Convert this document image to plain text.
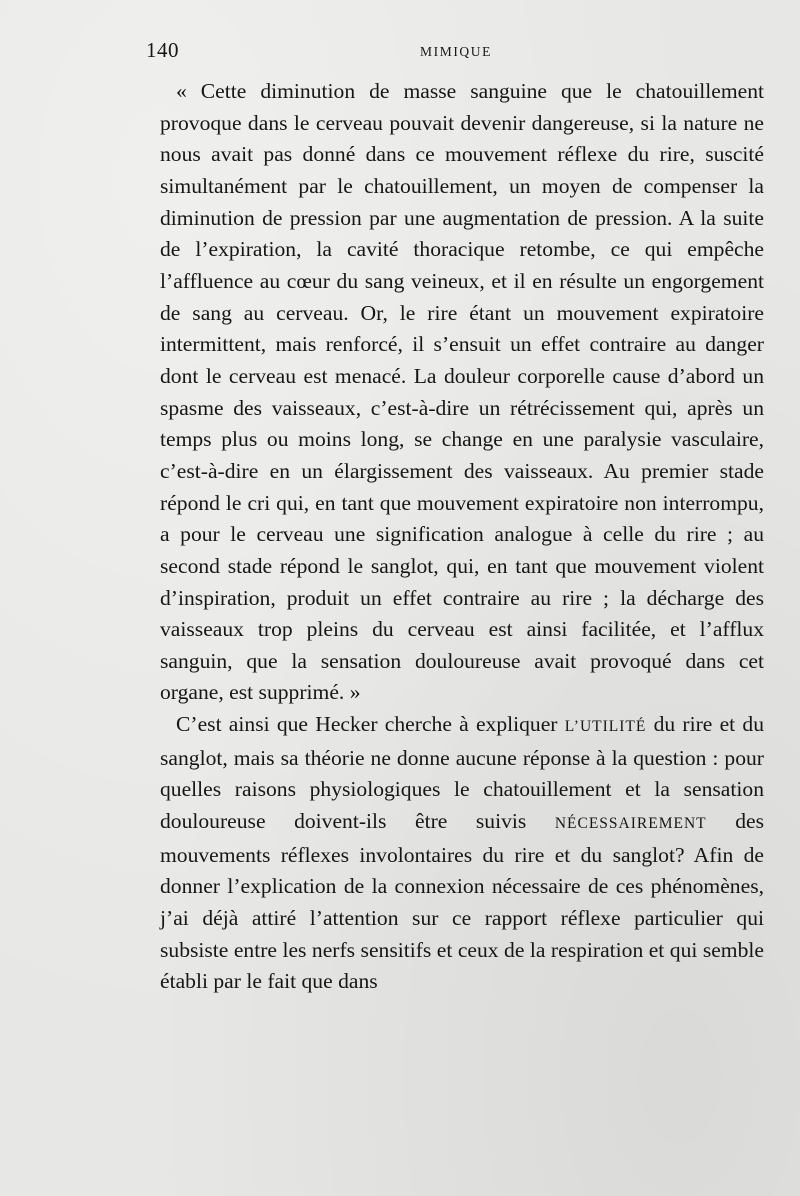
140	MIMIQUE

« Cette diminution de masse sanguine que le chatouillement provoque dans le cerveau pouvait devenir dangereuse, si la nature ne nous avait pas donné dans ce mouvement réflexe du rire, suscité simultanément par le chatouillement, un moyen de compenser la diminution de pression par une augmentation de pression. A la suite de l’expiration, la cavité thoracique retombe, ce qui empêche l’affluence au cœur du sang veineux, et il en résulte un engorgement de sang au cerveau. Or, le rire étant un mouvement expiratoire intermittent, mais renforcé, il s’ensuit un effet contraire au danger dont le cerveau est menacé. La douleur corporelle cause d’abord un spasme des vaisseaux, c’est-à-dire un rétrécissement qui, après un temps plus ou moins long, se change en une paralysie vasculaire, c’est-à-dire en un élargissement des vaisseaux. Au premier stade répond le cri qui, en tant que mouvement expiratoire non interrompu, a pour le cerveau une signification analogue à celle du rire ; au second stade répond le sanglot, qui, en tant que mouvement violent d’inspiration, produit un effet contraire au rire ; la décharge des vaisseaux trop pleins du cerveau est ainsi facilitée, et l’afflux sanguin, que la sensation douloureuse avait provoqué dans cet organe, est supprimé. »

C’est ainsi que Hecker cherche à expliquer L’UTILITÉ du rire et du sanglot, mais sa théorie ne donne aucune réponse à la question : pour quelles raisons physiologiques le chatouillement et la sensation douloureuse doivent-ils être suivis NÉCESSAIREMENT des mouvements réflexes involontaires du rire et du sanglot? Afin de donner l’explication de la connexion nécessaire de ces phénomènes, j’ai déjà attiré l’attention sur ce rapport réflexe particulier qui subsiste entre les nerfs sensitifs et ceux de la respiration et qui semble établi par le fait que dans
